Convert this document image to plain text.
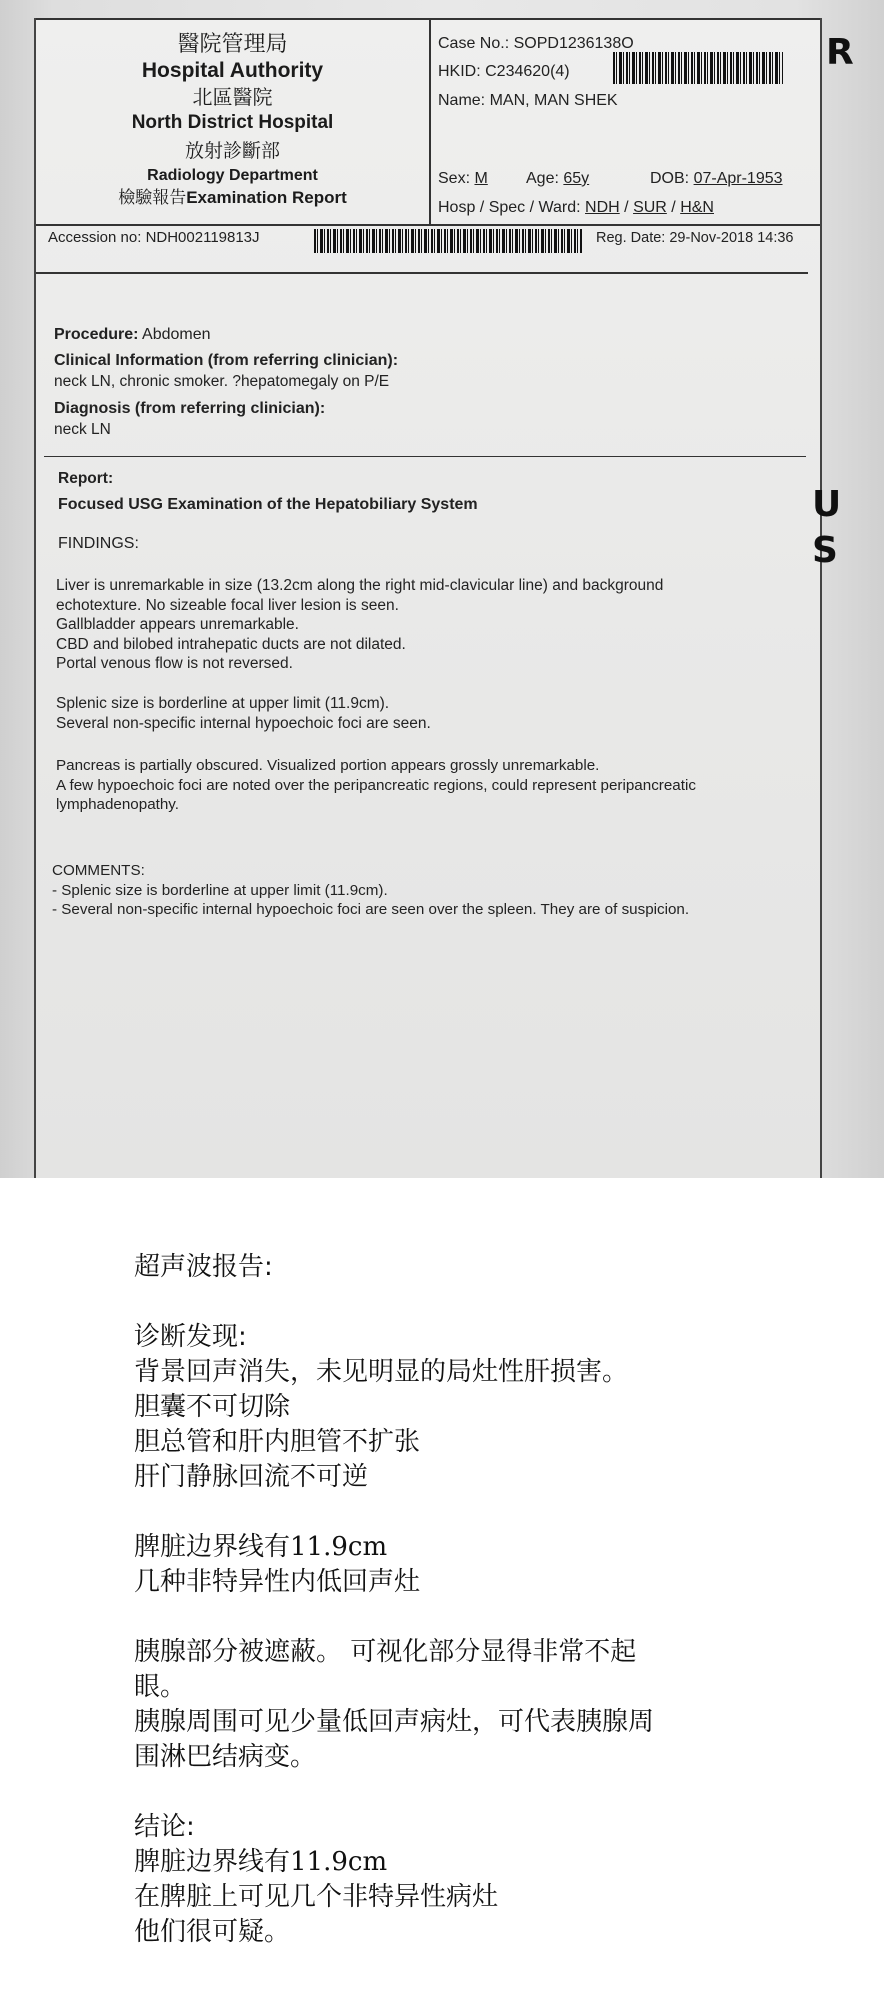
醫院管理局
Hospital Authority
北區醫院
North District Hospital
放射診斷部
Radiology Department
檢驗報告Examination Report
Case No.: SOPD1236138O
HKID: C234620(4)
Name: MAN, MAN SHEK
Sex: M Age: 65y	DOB: 07-Apr-1953
Hosp / Spec / Ward: NDH / SUR / H&N
Accession no: NDH002119813J	Reg. Date: 29-Nov-2018 14:36
Procedure: Abdomen
Clinical Information (from referring clinician):
neck LN, chronic smoker. ?hepatomegaly on P/E
Diagnosis (from referring clinician):
neck LN
Report:
Focused USG Examination of the Hepatobiliary System
FINDINGS:
Liver is unremarkable in size (13.2cm along the right mid-clavicular line) and background
echotexture. No sizeable focal liver lesion is seen.
Gallbladder appears unremarkable.
CBD and bilobed intrahepatic ducts are not dilated.
Portal venous flow is not reversed.
Splenic size is borderline at upper limit (11.9cm).
Several non-specific internal hypoechoic foci are seen.
Pancreas is partially obscured. Visualized portion appears grossly unremarkable.
A few hypoechoic foci are noted over the peripancreatic regions, could represent peripancreatic
lymphadenopathy.
COMMENTS:
- Splenic size is borderline at upper limit (11.9cm).
- Several non-specific internal hypoechoic foci are seen over the spleen. They are of suspicion.
R
U
S
超声波报告:
诊断发现:
背景回声消失，未见明显的局灶性肝损害。
胆囊不可切除
胆总管和肝内胆管不扩张
肝门静脉回流不可逆
脾脏边界线有11.9cm
几种非特异性内低回声灶
胰腺部分被遮蔽。 可视化部分显得非常不起
眼。
胰腺周围可见少量低回声病灶，可代表胰腺周
围淋巴结病变。
结论:
脾脏边界线有11.9cm
在脾脏上可见几个非特异性病灶
他们很可疑。
